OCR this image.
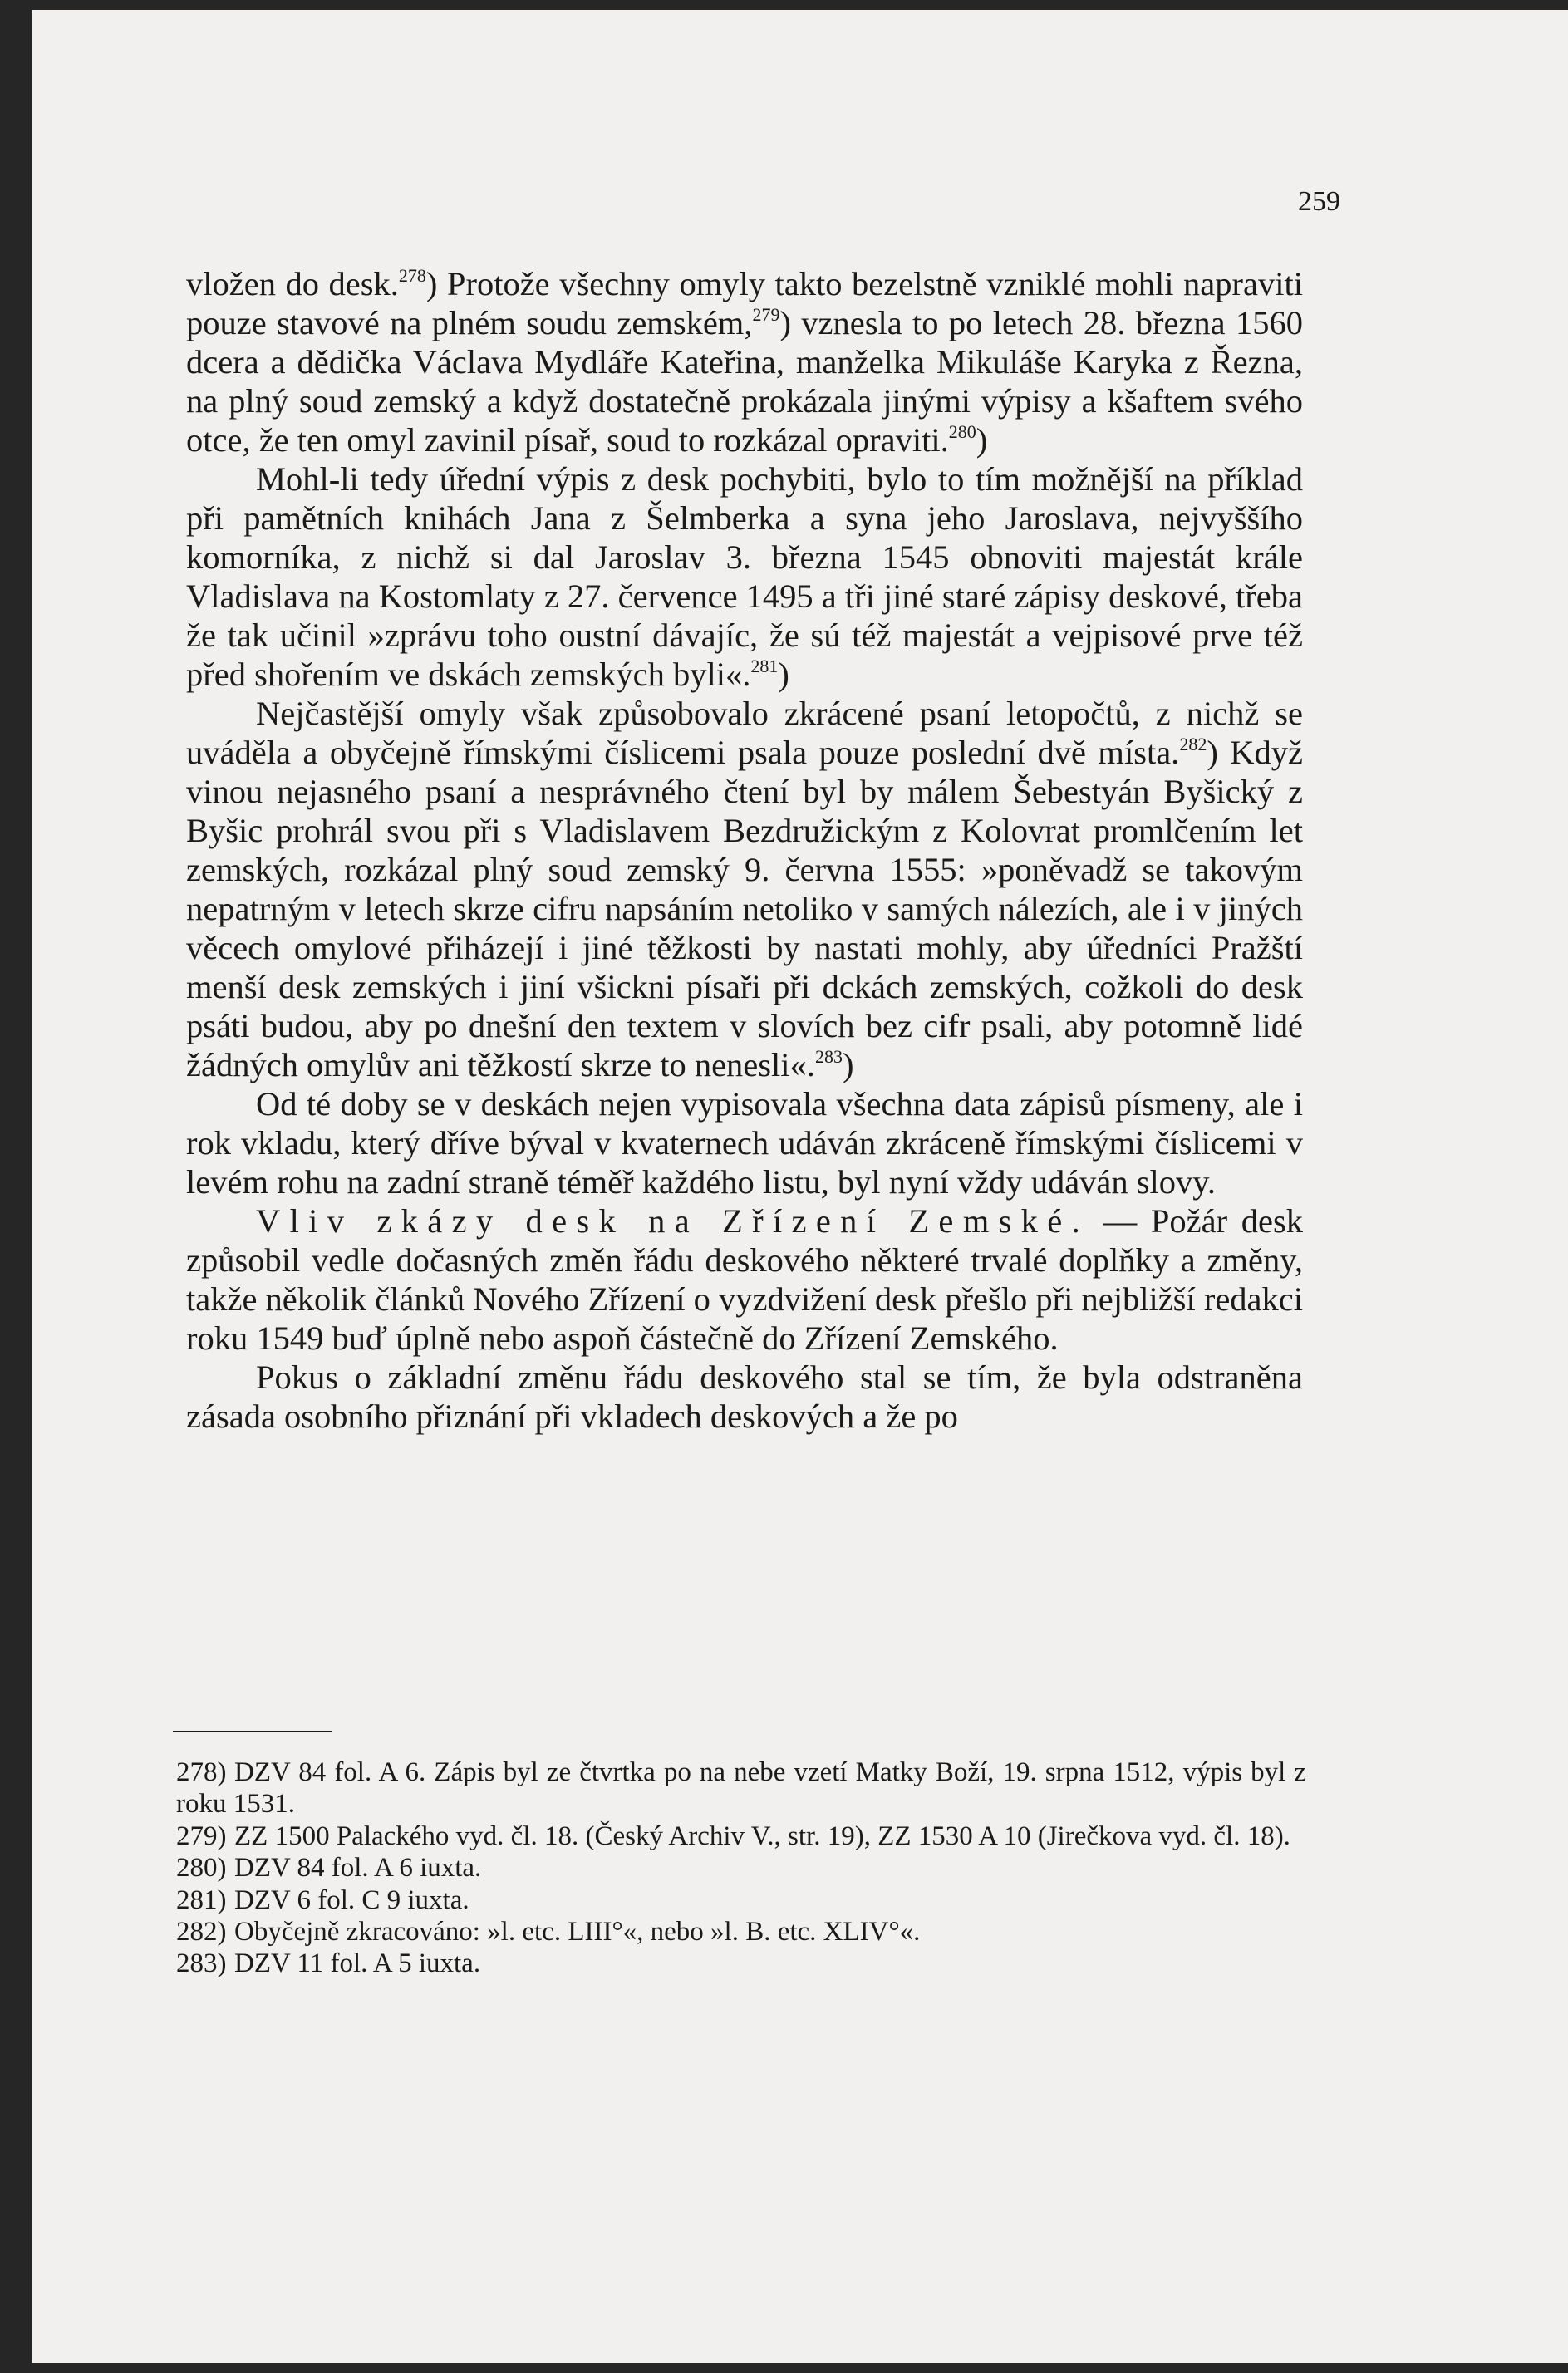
259

vložen do desk.$^{278}$) Protože všechny omyly takto bezelstně vzniklé mohli napraviti pouze stavové na plném soudu zemském,$^{279}$) vznesla to po letech 28. března 1560 dcera a dědička Václava Mydláře Kateřina, manželka Mikuláše Karyka z Řezna, na plný soud zemský a když dostatečně prokázala jinými výpisy a kšaftem svého otce, že ten omyl zavinil písař, soud to rozkázal opraviti.$^{280}$)

Mohl-li tedy úřední výpis z desk pochybiti, bylo to tím možnější na příklad při pamětních knihách Jana z Šelmberka a syna jeho Jaroslava, nejvyššího komorníka, z nichž si dal Jaroslav 3. března 1545 obnoviti majestát krále Vladislava na Kostomlaty z 27. července 1495 a tři jiné staré zápisy deskové, třeba že tak učinil »zprávu toho oustní dávajíc, že sú též majestát a vejpisové prve též před shořením ve dskách zemských byli«.$^{281}$)

Nejčastější omyly však způsobovalo zkrácené psaní letopočtů, z nichž se uváděla a obyčejně římskými číslicemi psala pouze poslední dvě místa.$^{282}$) Když vinou nejasného psaní a nesprávného čtení byl by málem Šebestyán Byšický z Byšic prohrál svou při s Vladislavem Bezdružickým z Kolovrat promlčením let zemských, rozkázal plný soud zemský 9. června 1555: »poněvadž se takovým nepatrným v letech skrze cifru napsáním netoliko v samých nálezích, ale i v jiných věcech omylové přiházejí i jiné těžkosti by nastati mohly, aby úředníci Pražští menší desk zemských i jiní všickni písaři při dckách zemských, cožkoli do desk psáti budou, aby po dnešní den textem v slovích bez cifr psali, aby potomně lidé žádných omylův ani těžkostí skrze to nenesli«.$^{283}$)

Od té doby se v deskách nejen vypisovala všechna data zápisů písmeny, ale i rok vkladu, který dříve býval v kvaternech udáván zkráceně římskými číslicemi v levém rohu na zadní straně téměř každého listu, byl nyní vždy udáván slovy.

Vliv zkázy desk na Zřízení Zemské. — Požár desk způsobil vedle dočasných změn řádu deskového některé trvalé doplňky a změny, takže několik článků Nového Zřízení o vyzdvižení desk přešlo při nejbližší redakci roku 1549 buď úplně nebo aspoň částečně do Zřízení Zemského.

Pokus o základní změnu řádu deskového stal se tím, že byla odstraněna zásada osobního přiznání při vkladech deskových a že po

278) DZV 84 fol. A 6. Zápis byl ze čtvrtka po na nebe vzetí Matky Boží, 19. srpna 1512, výpis byl z roku 1531.

279) ZZ 1500 Palackého vyd. čl. 18. (Český Archiv V., str. 19), ZZ 1530 A 10 (Jirečkova vyd. čl. 18).

280) DZV 84 fol. A 6 iuxta.

281) DZV 6 fol. C 9 iuxta.

282) Obyčejně zkracováno: »l. etc. LIII°«, nebo »l. B. etc. XLIV°«.

283) DZV 11 fol. A 5 iuxta.
